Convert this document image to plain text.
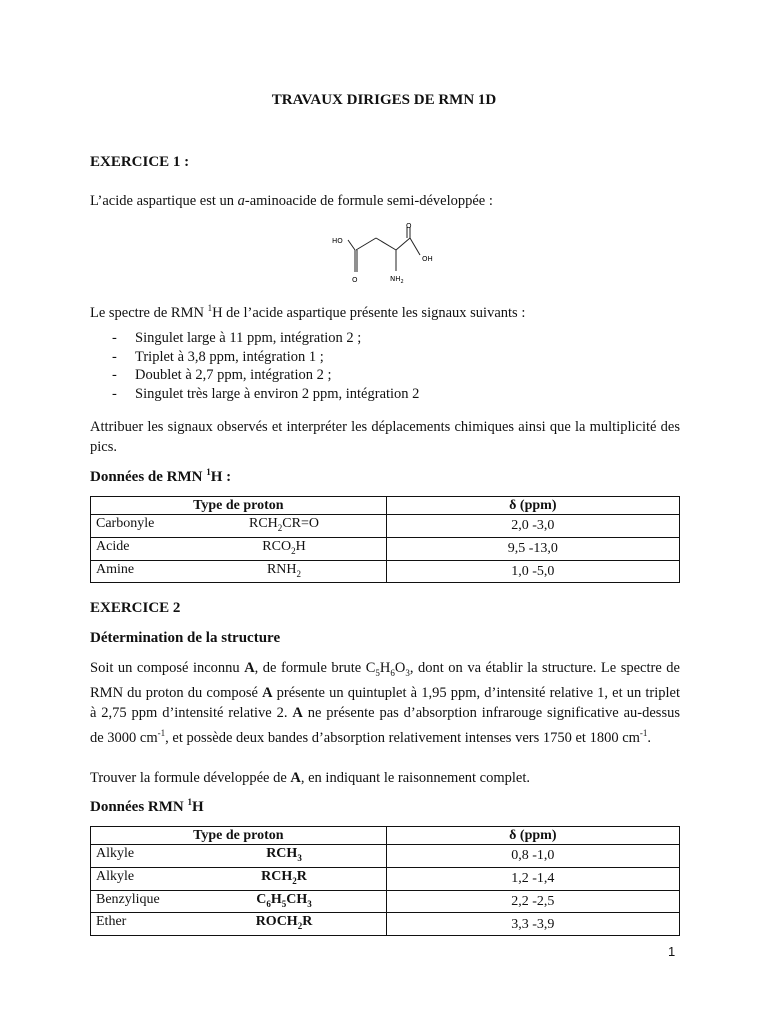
TRAVAUX DIRIGES DE RMN 1D
EXERCICE 1 :
L’acide aspartique est un a-aminoacide de formule semi-développée :
HO
O
O
OH
$NH_2$
Le spectre de RMN $^1$H de l’acide aspartique présente les signaux suivants :
- Singulet large à 11 ppm, intégration 2 ;
- Triplet à 3,8 ppm, intégration 1 ;
- Doublet à 2,7 ppm, intégration 2 ;
- Singulet très large à environ 2 ppm, intégration 2
Attribuer les signaux observés et interpréter les déplacements chimiques ainsi que la multiplicité des pics.
Données de RMN $^1$H :
Type de proton	δ (ppm)
Carbonyle $RCH_2CR=O$	2,0 -3,0
Acide $RCO_2H$	9,5 -13,0
Amine $RNH_2$	1,0 -5,0
EXERCICE 2
Détermination de la structure
Soit un composé inconnu A, de formule brute $C_5H_6O_3$, dont on va établir la structure. Le spectre de RMN du proton du composé A présente un quintuplet à 1,95 ppm, d’intensité relative 1, et un triplet à 2,75 ppm d’intensité relative 2. A ne présente pas d’absorption infrarouge significative au-dessus de 3000 $cm^{-1}$, et possède deux bandes d’absorption relativement intenses vers 1750 et 1800 $cm^{-1}$.
Trouver la formule développée de A, en indiquant le raisonnement complet.
Données RMN $^1$H
Type de proton	δ (ppm)
Alkyle $RCH_3$	0,8 -1,0
Alkyle $RCH_2R$	1,2 -1,4
Benzylique $C_6H_5CH_3$	2,2 -2,5
Ether $ROCH_2R$	3,3 -3,9
1
